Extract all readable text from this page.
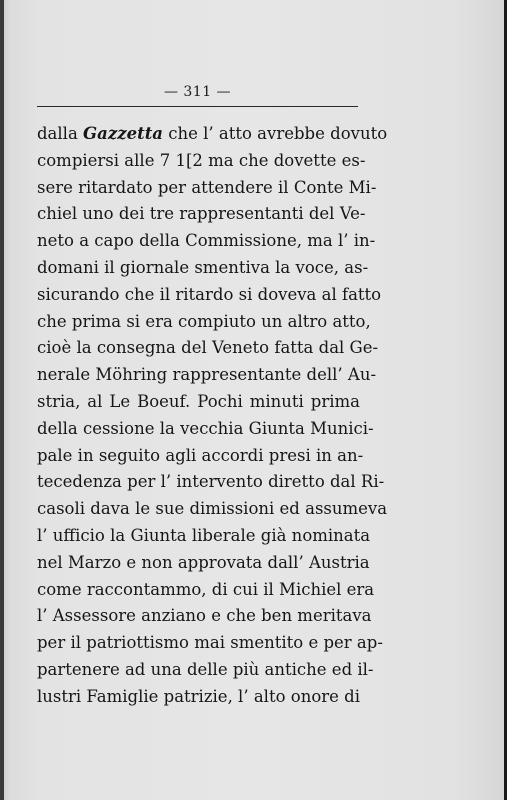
— 311 —
dalla Gazzetta che l’ atto avrebbe dovuto
compiersi alle 7 1[2 ma che dovette es-
sere ritardato per attendere il Conte Mi-
chiel uno dei tre rappresentanti del Ve-
neto a capo della Commissione, ma l’ in-
domani il giornale smentiva la voce, as-
sicurando che il ritardo si doveva al fatto
che prima si era compiuto un altro atto,
cioè la consegna del Veneto fatta dal Ge-
nerale Möhring rappresentante dell’ Au-
stria, al Le Boeuf. Pochi minuti prima
della cessione la vecchia Giunta Munici-
pale in seguito agli accordi presi in an-
tecedenza per l’ intervento diretto dal Ri-
casoli dava le sue dimissioni ed assumeva
l’ ufficio la Giunta liberale già nominata
nel Marzo e non approvata dall’ Austria
come raccontammo, di cui il Michiel era
l’ Assessore anziano e che ben meritava
per il patriottismo mai smentito e per ap-
partenere ad una delle più antiche ed il-
lustri Famiglie patrizie, l’ alto onore di
